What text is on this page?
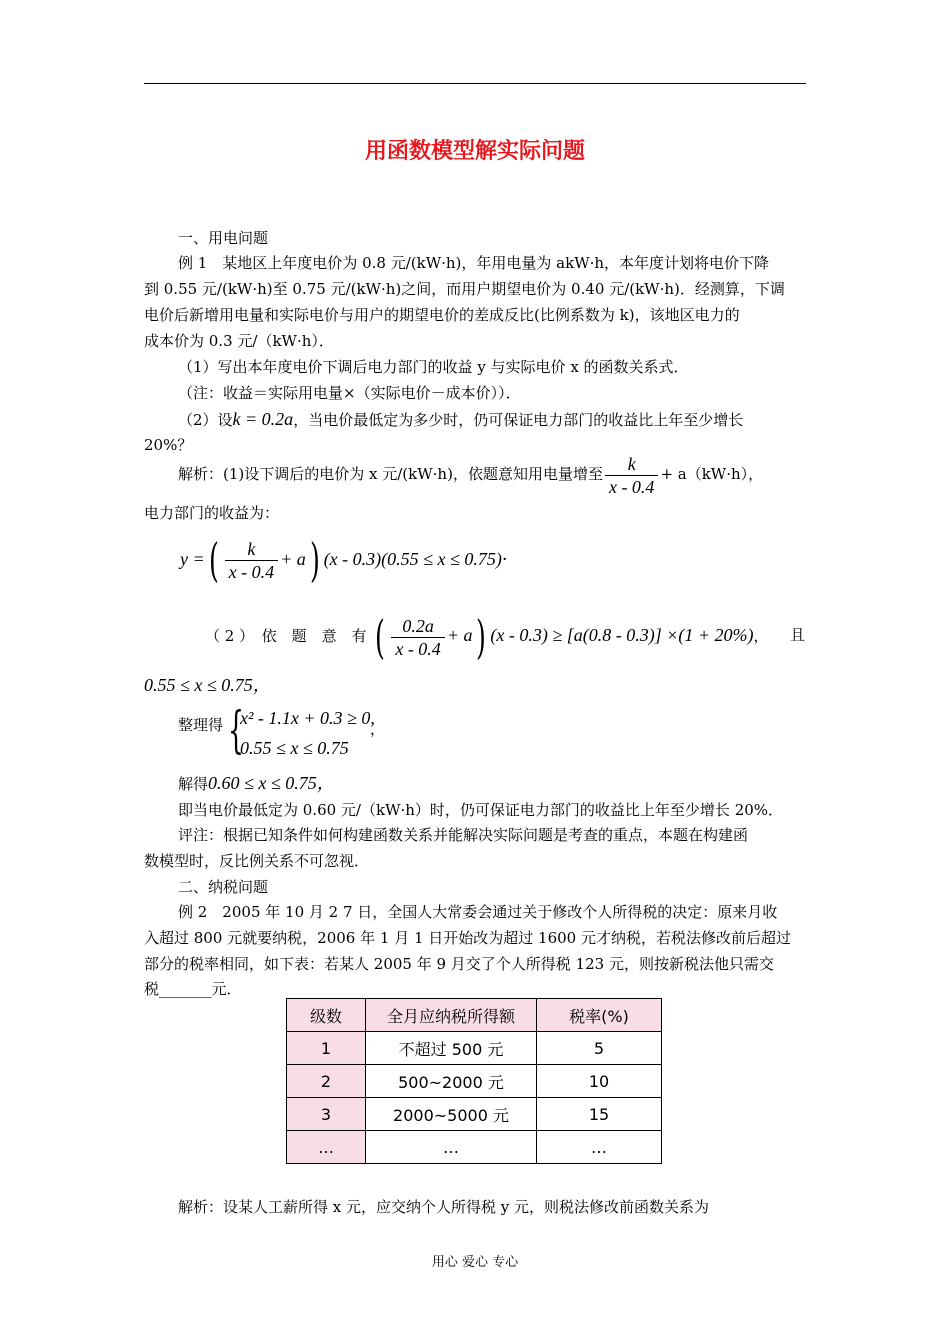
用函数模型解实际问题
一、用电问题
例 1　某地区上年度电价为 0.8 元/(kW·h)，年用电量为 akW·h，本年度计划将电价下降
到 0.55 元/(kW·h)至 0.75 元/(kW·h)之间，而用户期望电价为 0.40 元/(kW·h)．经测算，下调
电价后新增用电量和实际电价与用户的期望电价的差成反比(比例系数为 k)，该地区电力的
成本价为 0.3 元/（kW·h）．
（1）写出本年度电价下调后电力部门的收益 y 与实际电价 x 的函数关系式．
（注：收益＝实际用电量×（实际电价－成本价））．
（2）设k = 0.2a，当电价最低定为多少时，仍可保证电力部门的收益比上年至少增长
20%？
解析：(1)设下调后的电价为 x 元/(kW·h)，依题意知用电量增至 $\frac{k}{x - 0.4} + a(kW\cdot h)$，
电力部门的收益为：
y =( $\frac{k}{x - 0.4} + a$) (x - 0.3)(0.55 ≤ x ≤ 0.75)·
（ 2 ）　依　题　意　有 ( $\frac{0.2a}{x - 0.4} + a$) (x - 0.3) ≥ [a(0.8 - 0.3)] ×(1 + 20%)， 且
0.55 ≤ x ≤ 0.75，
整理得 {
x² - 1.1x + 0.3 ≥ 0,
0.55 ≤ x ≤ 0.75
，
解得0.60 ≤ x ≤ 0.75，
即当电价最低定为 0.60 元/（kW·h）时，仍可保证电力部门的收益比上年至少增长 20%．
评注：根据已知条件如何构建函数关系并能解决实际问题是考查的重点，本题在构建函
数模型时，反比例关系不可忽视．
二、纳税问题
例 2　2005 年 10 月 2 7 日，全国人大常委会通过关于修改个人所得税的决定：原来月收
入超过 800 元就要纳税，2006 年 1 月 1 日开始改为超过 1600 元才纳税，若税法修改前后超过
部分的税率相同，如下表：若某人 2005 年 9 月交了个人所得税 123 元，则按新税法他只需交
税_______元．
级数	全月应纳税所得额	税率(%)
1	不超过 500 元	5
2	500~2000 元	10
3	2000~5000 元	15
…	…	…
解析：设某人工薪所得 x 元，应交纳个人所得税 y 元，则税法修改前函数关系为
用心 爱心 专心
